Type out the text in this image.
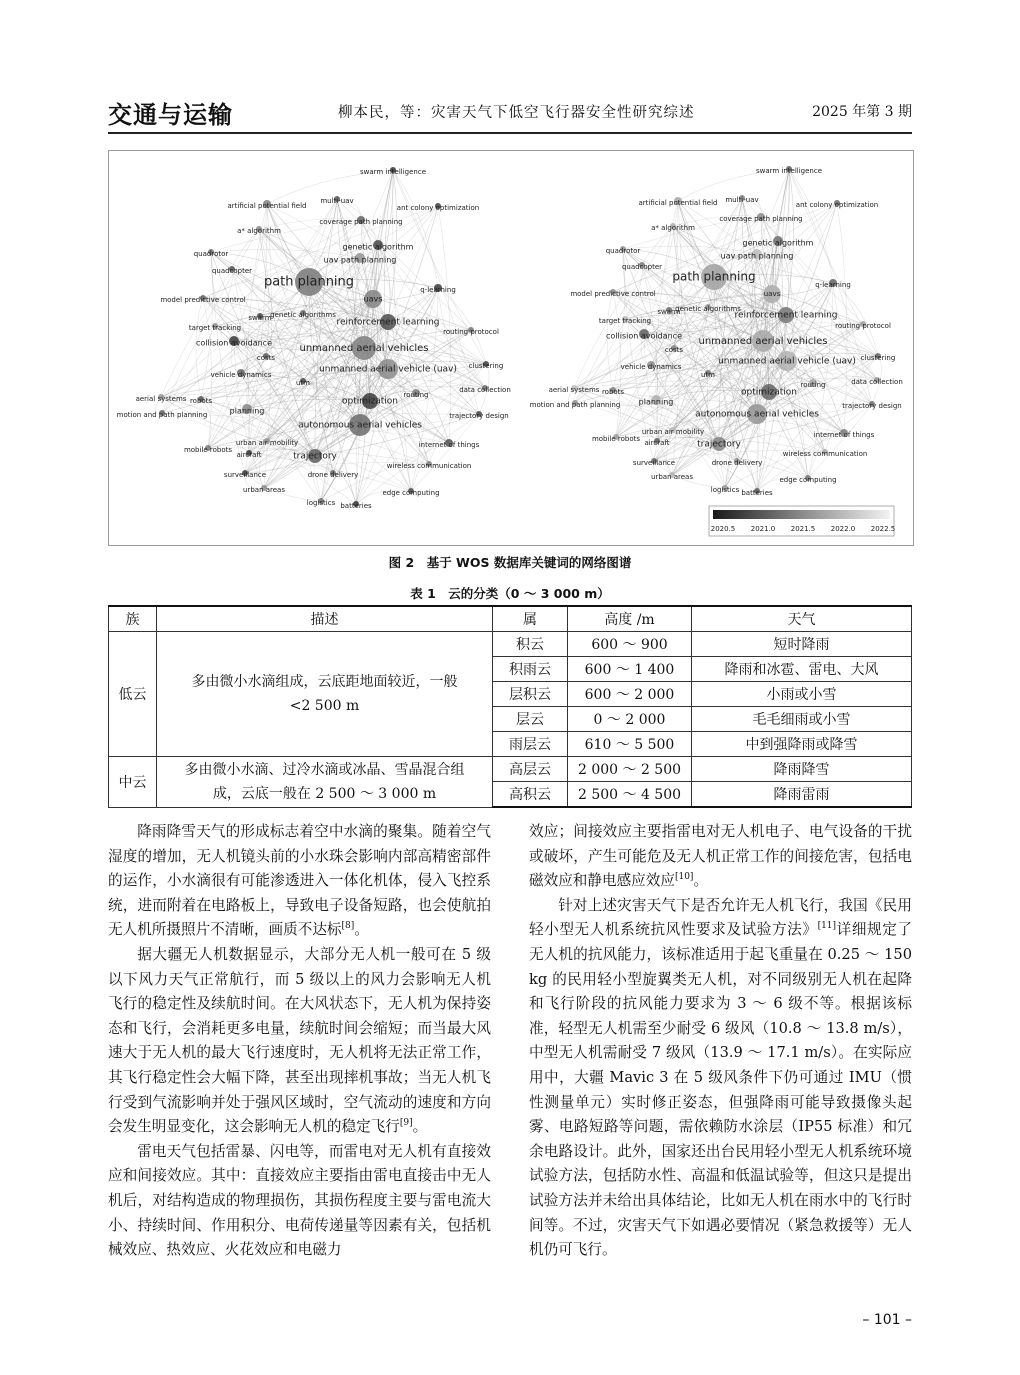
交通与运输	柳本民，等：灾害天气下低空飞行器安全性研究综述	2025 年第 3 期
swarm intelligence
multi-uav
artificial potential field	ant colony optimization
coverage path planning
a* algorithm
genetic algorithm
quadrotor
uav path planning
quadcopter
path planning
q-learning
model predictive control	uavs
swarm
genetic algorithms
target tracking
reinforcement learning
routing protocol
collision avoidance
costs
unmanned aerial vehicles
clustering
vehicle dynamics
unmanned aerial vehicle (uav)
utm
data collection
aerial systems robots
routing
optimization
motion and path planning	planning
trajectory design
autonomous aerial vehicles
urban air mobility	internet of things
mobile robots
aircraft	trajectory
wireless communication
surveillance	drone delivery
urban areas	edge computing
logistics batteries
swarm intelligence
multi-uav
artificial potential field	ant colony optimization
coverage path planning
a* algorithm
genetic algorithm
quadrotor
uav path planning
quadcopter
path planning
q-learning
model predictive control	uavs
swarm
genetic algorithms
target tracking
reinforcement learning
routing protocol
collision avoidance
costs
unmanned aerial vehicles
clustering
vehicle dynamics
unmanned aerial vehicle (uav)
utm
data collection
aerial systems robots
routing
optimization
motion and path planning planning	trajectory design
autonomous aerial vehicles
urban air mobility	internet of things
mobile robots aircraft	trajectory
wireless communication
surveillance	drone delivery
urban areas	edge computing
logistics batteries
2020.5 2021.0 2021.5 2022.0 2022.5
图 2　基于 WOS 数据库关键词的网络图谱
表 1　云的分类（0 ～ 3 000 m）
族	描述	属	高度 /m	天气
低云	多由微小水滴组成，云底距地面较近，一般 <2 500 m	积云	600 ～ 900	短时降雨
		积雨云	600 ～ 1 400	降雨和冰雹、雷电、大风
		层积云	600 ～ 2 000	小雨或小雪
		层云	0 ～ 2 000	毛毛细雨或小雪
		雨层云	610 ～ 5 500	中到强降雨或降雪
中云	多由微小水滴、过冷水滴或冰晶、雪晶混合组成，云底一般在 2 500 ～ 3 000 m	高层云	2 000 ～ 2 500	降雨降雪
		高积云	2 500 ～ 4 500	降雨雷雨

降雨降雪天气的形成标志着空中水滴的聚集。随着空气湿度的增加，无人机镜头前的小水珠会影响内部高精密部件的运作，小水滴很有可能渗透进入一体化机体，侵入飞控系统，进而附着在电路板上，导致电子设备短路，也会使航拍无人机所摄照片不清晰，画质不达标[8]。

据大疆无人机数据显示，大部分无人机一般可在 5 级以下风力天气正常航行，而 5 级以上的风力会影响无人机飞行的稳定性及续航时间。在大风状态下，无人机为保持姿态和飞行，会消耗更多电量，续航时间会缩短；而当最大风速大于无人机的最大飞行速度时，无人机将无法正常工作，其飞行稳定性会大幅下降，甚至出现摔机事故；当无人机飞行受到气流影响并处于强风区域时，空气流动的速度和方向会发生明显变化，这会影响无人机的稳定飞行[9]。

雷电天气包括雷暴、闪电等，而雷电对无人机有直接效应和间接效应。其中：直接效应主要指由雷电直接击中无人机后，对结构造成的物理损伤，其损伤程度主要与雷电流大小、持续时间、作用积分、电荷传递量等因素有关，包括机械效应、热效应、火花效应和电磁力

效应；间接效应主要指雷电对无人机电子、电气设备的干扰或破坏，产生可能危及无人机正常工作的间接危害，包括电磁效应和静电感应效应[10]。

针对上述灾害天气下是否允许无人机飞行，我国《民用轻小型无人机系统抗风性要求及试验方法》[11]详细规定了无人机的抗风能力，该标准适用于起飞重量在 0.25 ～ 150 kg 的民用轻小型旋翼类无人机，对不同级别无人机在起降和飞行阶段的抗风能力要求为 3 ～ 6 级不等。根据该标准，轻型无人机需至少耐受 6 级风（10.8 ～ 13.8 m/s），中型无人机需耐受 7 级风（13.9 ～ 17.1 m/s）。在实际应用中，大疆 Mavic 3 在 5 级风条件下仍可通过 IMU（惯性测量单元）实时修正姿态，但强降雨可能导致摄像头起雾、电路短路等问题，需依赖防水涂层（IP55 标准）和冗余电路设计。此外，国家还出台民用轻小型无人机系统环境试验方法，包括防水性、高温和低温试验等，但这只是提出试验方法并未给出具体结论，比如无人机在雨水中的飞行时间等。不过，灾害天气下如遇必要情况（紧急救援等）无人机仍可飞行。

– 101 –
